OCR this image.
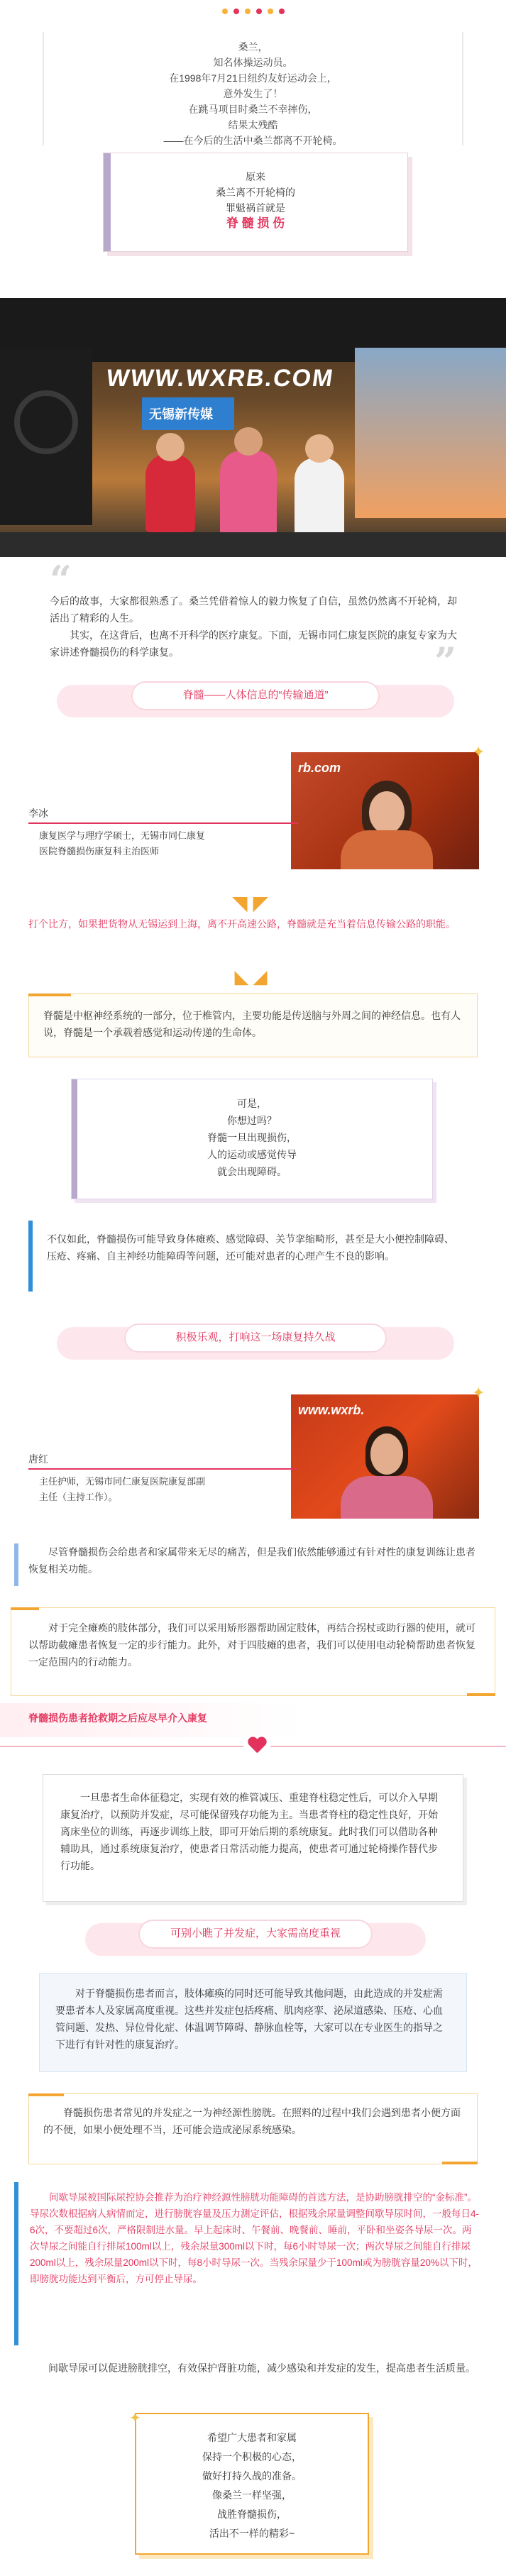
桑兰，
知名体操运动员。
在1998年7月21日纽约友好运动会上，
意外发生了！
在跳马项目时桑兰不幸摔伤，
结果太残酷
——在今后的生活中桑兰都离不开轮椅。
原来
桑兰离不开轮椅的
罪魁祸首就是
脊 髓 损 伤
WWW.WXRB.COM
无锡新传媒
“

今后的故事，大家都很熟悉了。桑兰凭借着惊人的毅力恢复了自信，虽然仍然离不开轮椅，却活出了精彩的人生。

其实，在这背后，也离不开科学的医疗康复。下面，无锡市同仁康复医院的康复专家为大家讲述脊髓损伤的科学康复。	”
脊髓——人体信息的“传输通道”
rb.com
✦
李冰
康复医学与理疗学硕士，无锡市同仁康复
医院脊髓损伤康复科主治医师
◥◤

打个比方，如果把货物从无锡运到上海，离不开高速公路，脊髓就是充当着信息传输公路的职能。

◣◢

脊髓是中枢神经系统的一部分，位于椎管内，主要功能是传送脑与外周之间的神经信息。也有人说，脊髓是一个承载着感觉和运动传递的生命体。

可是，
你想过吗？
脊髓一旦出现损伤，
人的运动或感觉传导
就会出现障碍。

不仅如此，脊髓损伤可能导致身体瘫痪、感觉障碍、关节挛缩畸形，甚至是大小便控制障碍、压疮、疼痛、自主神经功能障碍等问题，还可能对患者的心理产生不良的影响。

积极乐观，打响这一场康复持久战
www.wxrb.
✦
唐红
主任护师，无锡市同仁康复医院康复部副
主任（主持工作）。

尽管脊髓损伤会给患者和家属带来无尽的痛苦，但是我们依然能够通过有针对性的康复训练让患者恢复相关功能。

对于完全瘫痪的肢体部分，我们可以采用矫形器帮助固定肢体，再结合拐杖或助行器的使用，就可以帮助截瘫患者恢复一定的步行能力。此外，对于四肢瘫的患者，我们可以使用电动轮椅帮助患者恢复一定范围内的行动能力。

脊髓损伤患者抢救期之后应尽早介入康复

一旦患者生命体征稳定，实现有效的椎管减压、重建脊柱稳定性后，可以介入早期康复治疗，以预防并发症，尽可能保留残存功能为主。当患者脊柱的稳定性良好，开始离床坐位的训练，再逐步训练上肢，即可开始后期的系统康复。此时我们可以借助各种辅助具，通过系统康复治疗，使患者日常活动能力提高，使患者可通过轮椅操作替代步行功能。

可别小瞧了并发症，大家需高度重视

对于脊髓损伤患者而言，肢体瘫痪的同时还可能导致其他问题，由此造成的并发症需要患者本人及家属高度重视。这些并发症包括疼痛、肌肉痉挛、泌尿道感染、压疮、心血管问题、发热、异位骨化症、体温调节障碍、静脉血栓等，大家可以在专业医生的指导之下进行有针对性的康复治疗。

脊髓损伤患者常见的并发症之一为神经源性膀胱。在照料的过程中我们会遇到患者小便方面的不便，如果小便处理不当，还可能会造成泌尿系统感染。

间歇导尿被国际尿控协会推荐为治疗神经源性膀胱功能障碍的首选方法，是协助膀胱排空的“金标准”。导尿次数根据病人病情而定，进行膀胱容量及压力测定评估，根据残余尿量调整间歇导尿时间，一般每日4-6次，不要超过6次，严格限制进水量。早上起床时、午餐前、晚餐前、睡前，平卧和坐姿各导尿一次。两次导尿之间能自行排尿100ml以上，残余尿量300ml以下时，每6小时导尿一次；两次导尿之间能自行排尿200ml以上，残余尿量200ml以下时，每8小时导尿一次。当残余尿量少于100ml或为膀胱容量20%以下时，即膀胱功能达到平衡后，方可停止导尿。

间歇导尿可以促进膀胱排空，有效保护肾脏功能，减少感染和并发症的发生，提高患者生活质量。

✦
希望广大患者和家属
保持一个积极的心态，
做好打持久战的准备。
像桑兰一样坚强，
战胜脊髓损伤，
活出不一样的精彩~
